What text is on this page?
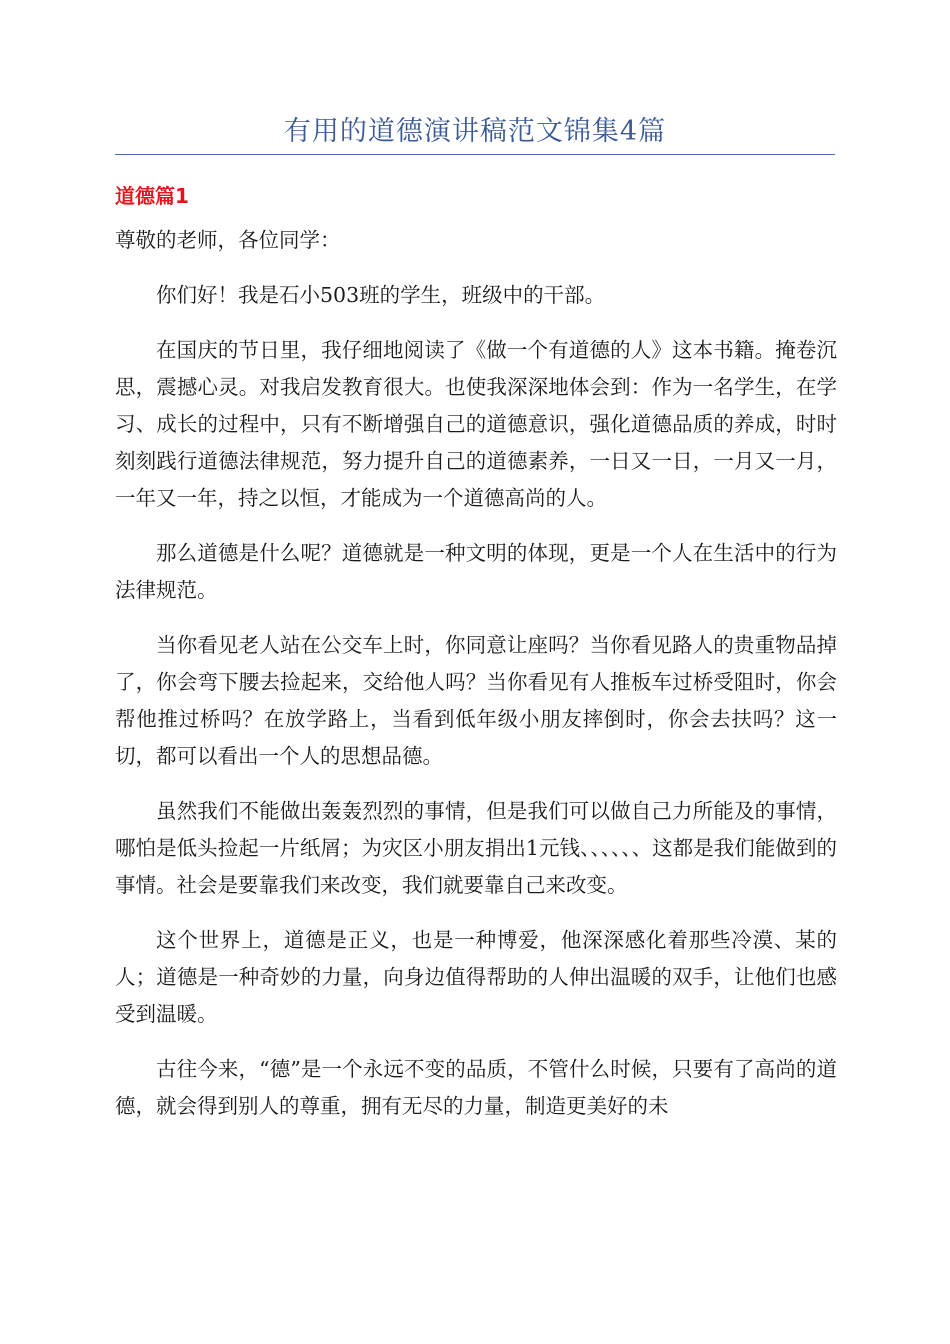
有用的道德演讲稿范文锦集4篇
道德篇1

尊敬的老师，各位同学：

你们好！我是石小503班的学生，班级中的干部。

在国庆的节日里，我仔细地阅读了《做一个有道德的人》这本书籍。掩卷沉思，震撼心灵。对我启发教育很大。也使我深深地体会到：作为一名学生，在学习、成长的过程中，只有不断增强自己的道德意识，强化道德品质的养成，时时刻刻践行道德法律规范，努力提升自己的道德素养，一日又一日，一月又一月，一年又一年，持之以恒，才能成为一个道德高尚的人。

那么道德是什么呢？道德就是一种文明的体现，更是一个人在生活中的行为法律规范。

当你看见老人站在公交车上时，你同意让座吗？当你看见路人的贵重物品掉了，你会弯下腰去捡起来，交给他人吗？当你看见有人推板车过桥受阻时，你会帮他推过桥吗？在放学路上，当看到低年级小朋友摔倒时，你会去扶吗？这一切，都可以看出一个人的思想品德。

虽然我们不能做出轰轰烈烈的事情，但是我们可以做自己力所能及的事情，哪怕是低头捡起一片纸屑；为灾区小朋友捐出1元钱、、、、、、这都是我们能做到的事情。社会是要靠我们来改变，我们就要靠自己来改变。

这个世界上，道德是正义，也是一种博爱，他深深感化着那些冷漠、某的人；道德是一种奇妙的力量，向身边值得帮助的人伸出温暖的双手，让他们也感受到温暖。

古往今来，“德”是一个永远不变的品质，不管什么时候，只要有了高尚的道德，就会得到别人的尊重，拥有无尽的力量，制造更美好的未
